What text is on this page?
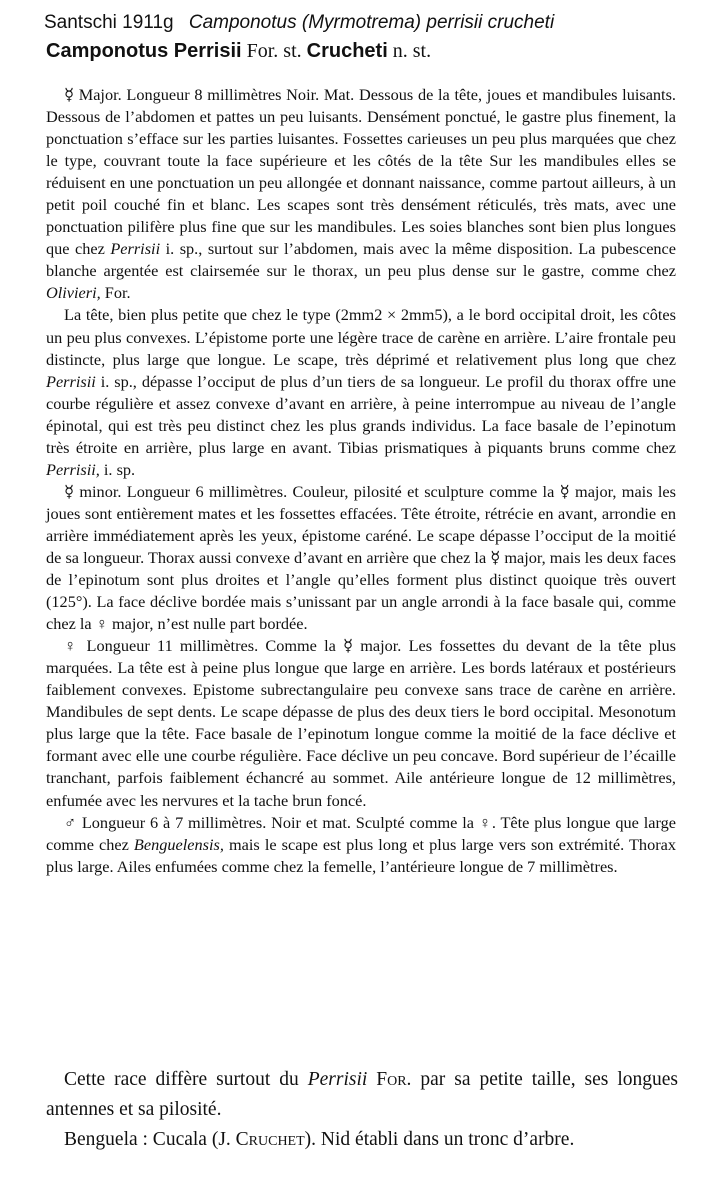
Santschi 1911g Camponotus (Myrmotrema) perrisii crucheti
Camponotus Perrisii For. st. Crucheti n. st.

☿ Major. Longueur 8 millimètres Noir. Mat. Dessous de la tête, joues et mandibules luisants. Dessous de l’abdomen et pattes un peu luisants. Densément ponctué, le gastre plus finement, la ponctuation s’efface sur les parties luisantes. Fossettes carieuses un peu plus marquées que chez le type, couvrant toute la face supérieure et les côtés de la tête Sur les mandibules elles se réduisent en une ponctuation un peu allongée et donnant naissance, comme partout ailleurs, à un petit poil couché fin et blanc. Les scapes sont très densément réticulés, très mats, avec une ponctuation pilifère plus fine que sur les mandibules. Les soies blanches sont bien plus longues que chez Perrisii i. sp., surtout sur l’abdomen, mais avec la même disposition. La pubescence blanche argentée est clairsemée sur le thorax, un peu plus dense sur le gastre, comme chez Olivieri, For.

La tête, bien plus petite que chez le type (2mm2 × 2mm5), a le bord occipital droit, les côtes un peu plus convexes. L’épistome porte une légère trace de carène en arrière. L’aire frontale peu distincte, plus large que longue. Le scape, très déprimé et relativement plus long que chez Perrisii i. sp., dépasse l’occiput de plus d’un tiers de sa longueur. Le profil du thorax offre une courbe régulière et assez convexe d’avant en arrière, à peine interrompue au niveau de l’angle épinotal, qui est très peu distinct chez les plus grands individus. La face basale de l’epinotum très étroite en arrière, plus large en avant. Tibias prismatiques à piquants bruns comme chez Perrisii, i. sp.

☿ minor. Longueur 6 millimètres. Couleur, pilosité et sculpture comme la ☿ major, mais les joues sont entièrement mates et les fossettes effacées. Tête étroite, rétrécie en avant, arrondie en arrière immédiatement après les yeux, épistome caréné. Le scape dépasse l’occiput de la moitié de sa longueur. Thorax aussi convexe d’avant en arrière que chez la ☿ major, mais les deux faces de l’epinotum sont plus droites et l’angle qu’elles forment plus distinct quoique très ouvert (125°). La face déclive bordée mais s’unissant par un angle arrondi à la face basale qui, comme chez la ♀ major, n’est nulle part bordée.

♀ Longueur 11 millimètres. Comme la ☿ major. Les fossettes du devant de la tête plus marquées. La tête est à peine plus longue que large en arrière. Les bords latéraux et postérieurs faiblement convexes. Epistome subrectangulaire peu convexe sans trace de carène en arrière. Mandibules de sept dents. Le scape dépasse de plus des deux tiers le bord occipital. Mesonotum plus large que la tête. Face basale de l’epinotum longue comme la moitié de la face déclive et formant avec elle une courbe régulière. Face déclive un peu concave. Bord supérieur de l’écaille tranchant, parfois faiblement échancré au sommet. Aile antérieure longue de 12 millimètres, enfumée avec les nervures et la tache brun foncé.

♂ Longueur 6 à 7 millimètres. Noir et mat. Sculpté comme la ♀. Tête plus longue que large comme chez Benguelensis, mais le scape est plus long et plus large vers son extrémité. Thorax plus large. Ailes enfumées comme chez la femelle, l’antérieure longue de 7 millimètres.

Cette race diffère surtout du Perrisii For. par sa petite taille, ses longues antennes et sa pilosité.

Benguela : Cucala (J. Cruchet). Nid établi dans un tronc d’arbre.
